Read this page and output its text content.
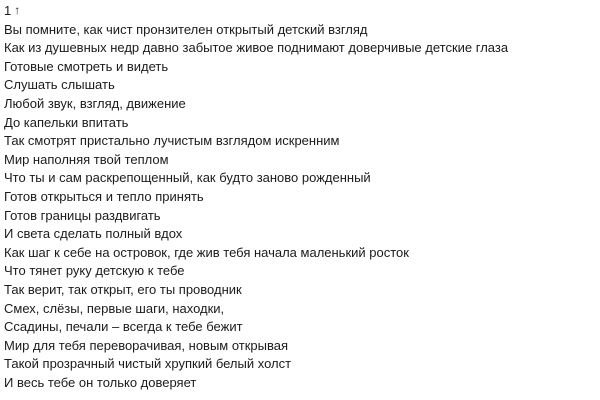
1 ↑
Вы помните, как чист пронзителен открытый детский взгляд
Как из душевных недр давно забытое живое поднимают доверчивые детские глаза
Готовые смотреть и видеть
Слушать слышать
Любой звук, взгляд, движение
До капельки впитать
Так смотрят пристально лучистым взглядом искренним
Мир наполняя твой теплом
Что ты и сам раскрепощенный, как будто заново рожденный
Готов открыться и тепло принять
Готов границы раздвигать
И света сделать полный вдох
Как шаг к себе на островок, где жив тебя начала маленький росток
Что тянет руку детскую к тебе
Так верит, так открыт, его ты проводник
Смех, слёзы, первые шаги, находки,
Ссадины, печали – всегда к тебе бежит
Мир для тебя переворачивая, новым открывая
Такой прозрачный чистый хрупкий белый холст
И весь тебе он только доверяет
